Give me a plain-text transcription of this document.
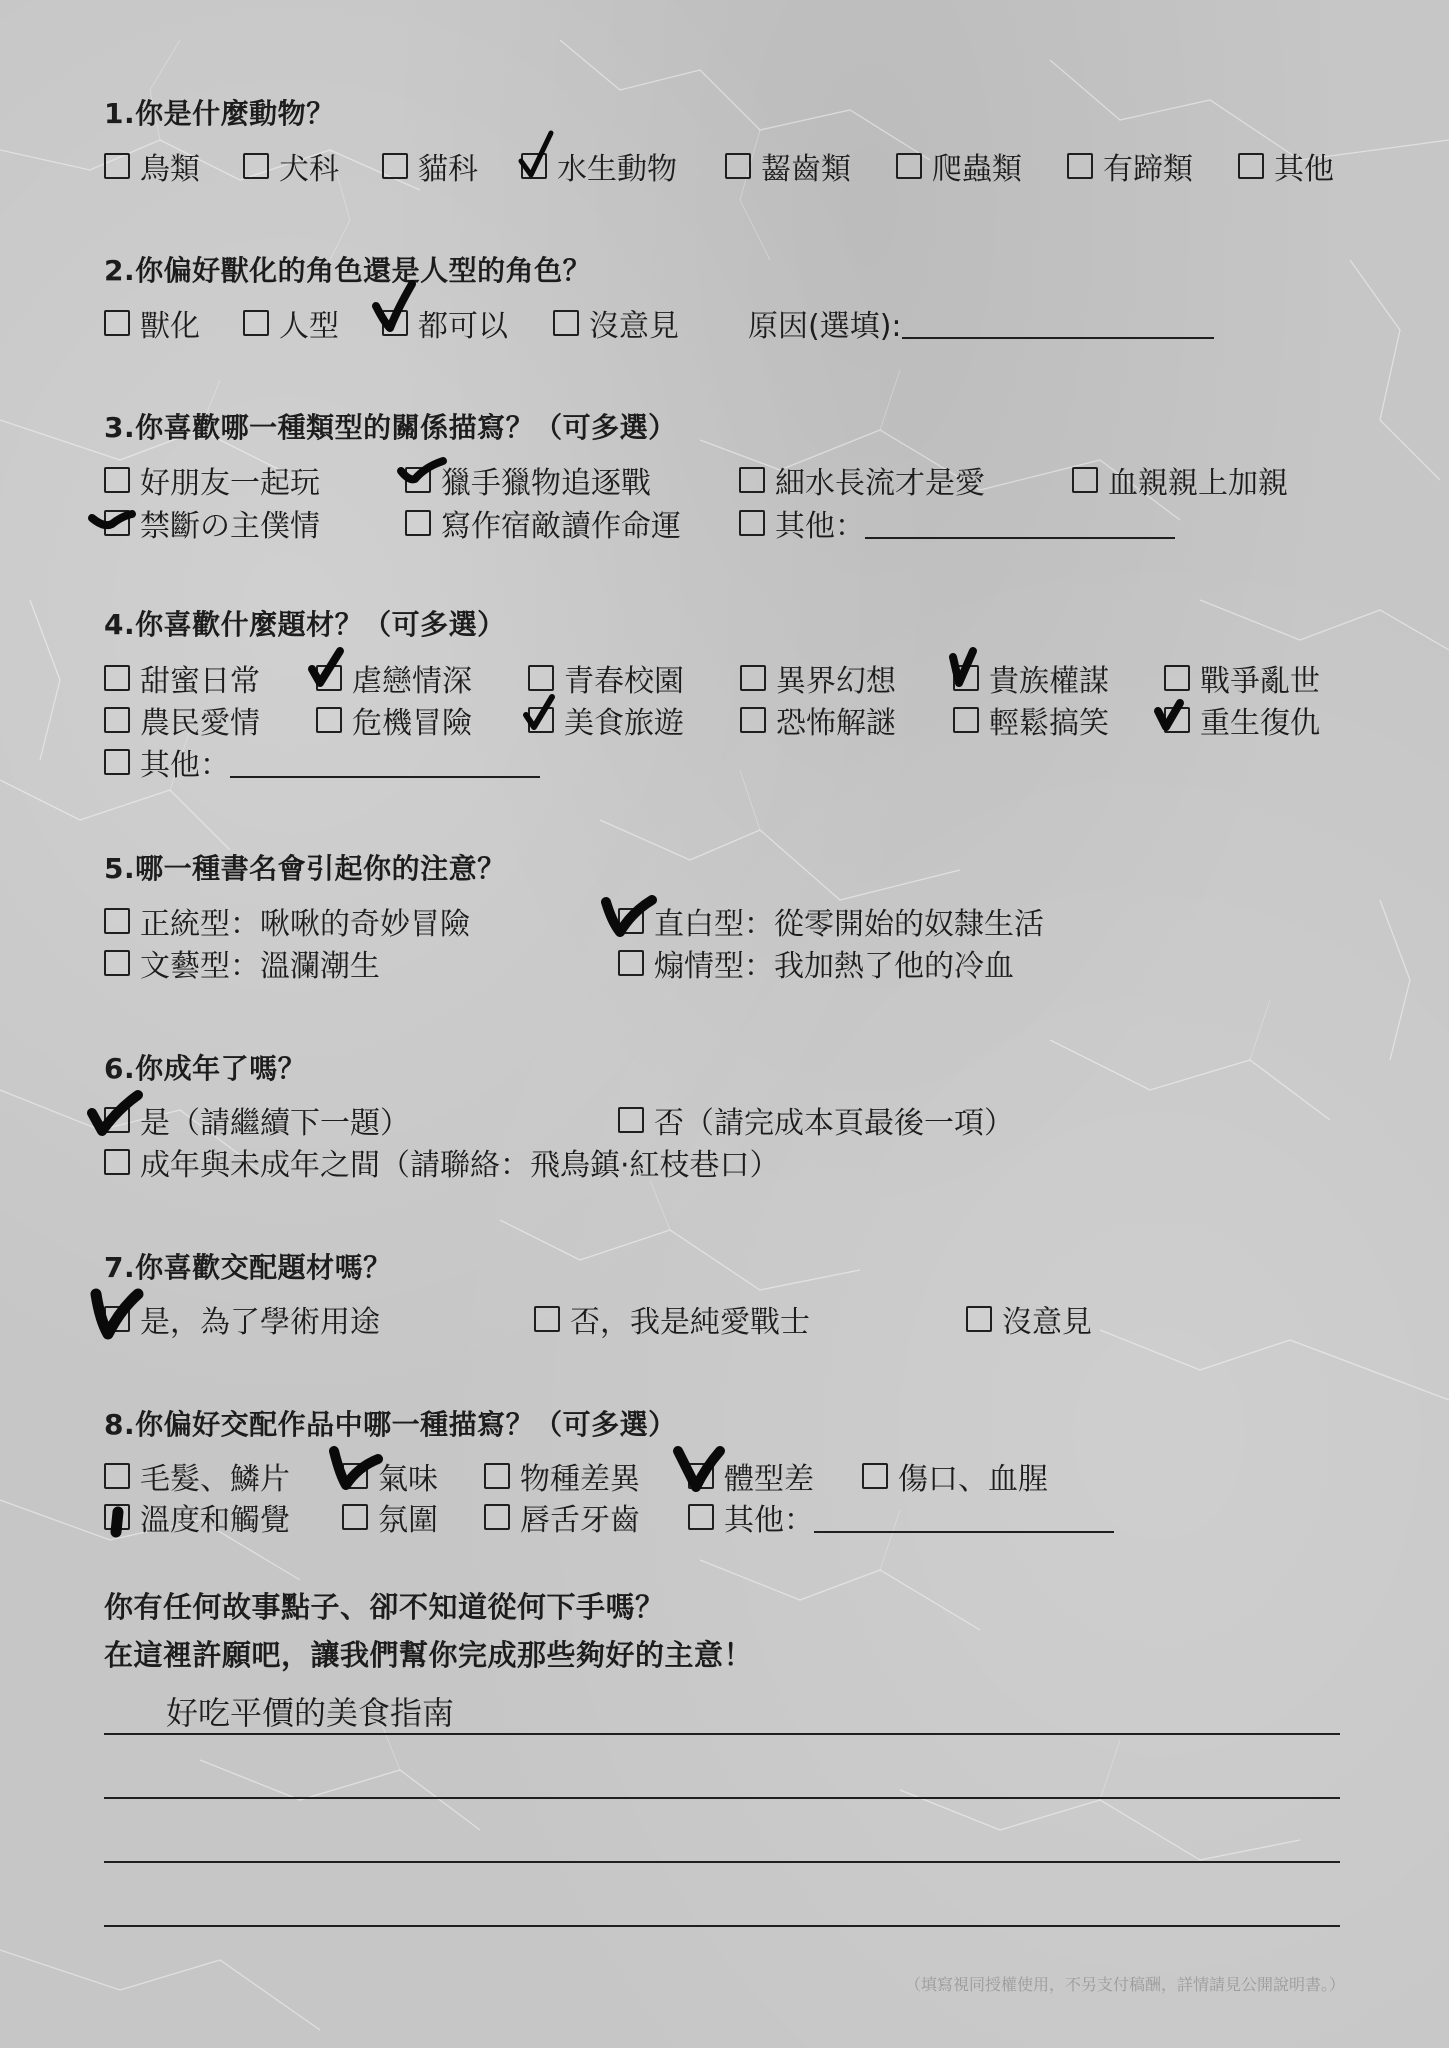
1.你是什麼動物？
鳥類	犬科	貓科	水生動物	齧齒類	爬蟲類	有蹄類	其他
2.你偏好獸化的角色還是人型的角色？
獸化	人型	都可以	沒意見 原因(選填):
3.你喜歡哪一種類型的關係描寫？（可多選）
好朋友一起玩	獵手獵物追逐戰	細水長流才是愛	血親親上加親
禁斷の主僕情	寫作宿敵讀作命運	其他：
4.你喜歡什麼題材？（可多選）
甜蜜日常	虐戀情深	青春校園	異界幻想	貴族權謀	戰爭亂世
農民愛情	危機冒險	美食旅遊	恐怖解謎	輕鬆搞笑	重生復仇
其他：
5.哪一種書名會引起你的注意？
正統型：啾啾的奇妙冒險	直白型：從零開始的奴隸生活
文藝型：溫瀾潮生	煽情型：我加熱了他的冷血
6.你成年了嗎？
是（請繼續下一題）	否（請完成本頁最後一項）
成年與未成年之間（請聯絡：飛鳥鎮·紅枝巷口）
7.你喜歡交配題材嗎？
是，為了學術用途	否，我是純愛戰士	沒意見
8.你偏好交配作品中哪一種描寫？（可多選）
毛髮、鱗片	氣味	物種差異	體型差	傷口、血腥
溫度和觸覺	氛圍	唇舌牙齒	其他：
你有任何故事點子、卻不知道從何下手嗎？
在這裡許願吧，讓我們幫你完成那些夠好的主意！
好吃平價的美食指南
（填寫視同授權使用，不另支付稿酬，詳情請見公開說明書。）
